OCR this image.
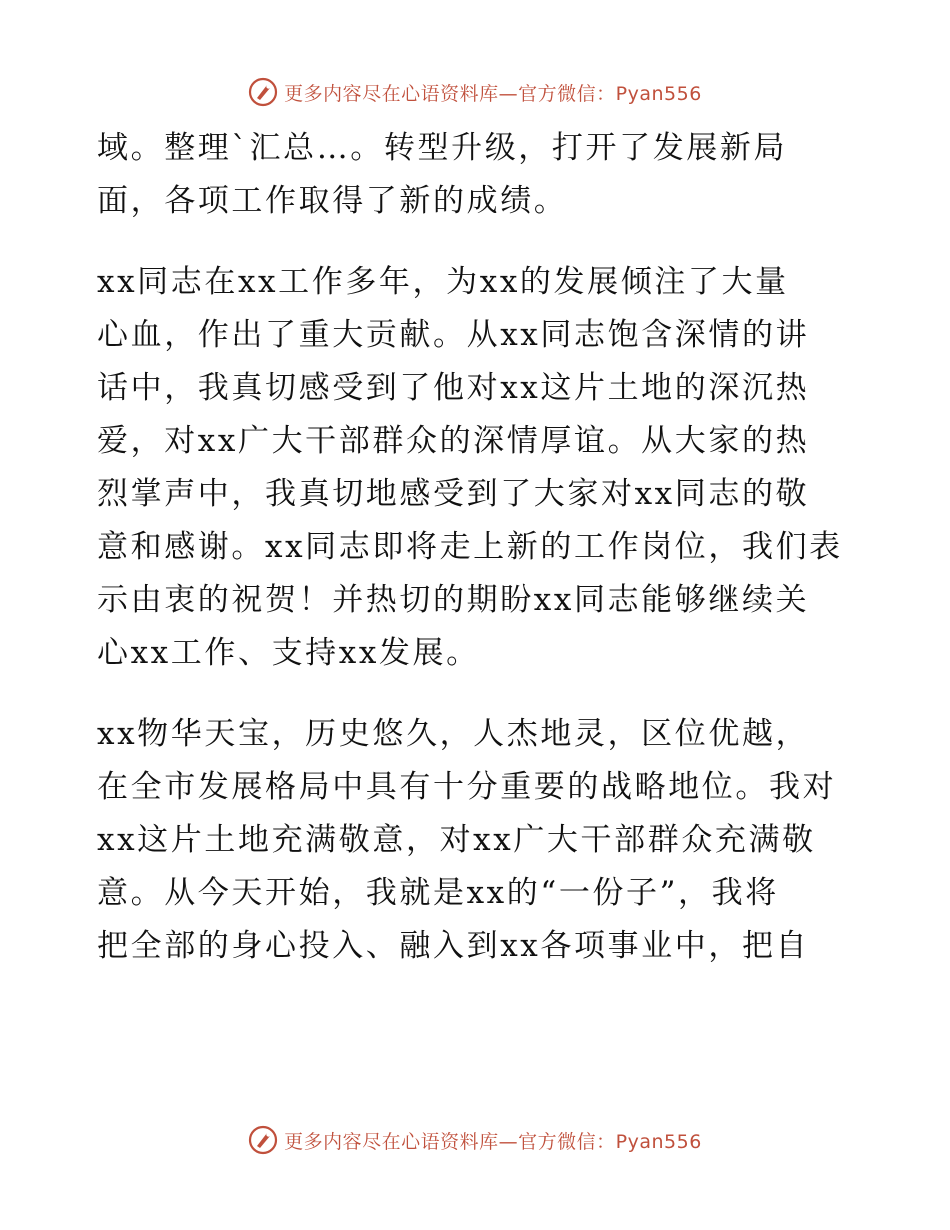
更多内容尽在心语资料库—官方微信：Pyan556

域。整理`汇总…。转型升级，打开了发展新局
面，各项工作取得了新的成绩。

xx同志在xx工作多年，为xx的发展倾注了大量
心血，作出了重大贡献。从xx同志饱含深情的讲
话中，我真切感受到了他对xx这片土地的深沉热
爱，对xx广大干部群众的深情厚谊。从大家的热
烈掌声中，我真切地感受到了大家对xx同志的敬
意和感谢。xx同志即将走上新的工作岗位，我们表
示由衷的祝贺！并热切的期盼xx同志能够继续关
心xx工作、支持xx发展。

xx物华天宝，历史悠久，人杰地灵，区位优越，
在全市发展格局中具有十分重要的战略地位。我对
xx这片土地充满敬意，对xx广大干部群众充满敬
意。从今天开始，我就是xx的“一份子”，我将
把全部的身心投入、融入到xx各项事业中，把自

更多内容尽在心语资料库—官方微信：Pyan556
